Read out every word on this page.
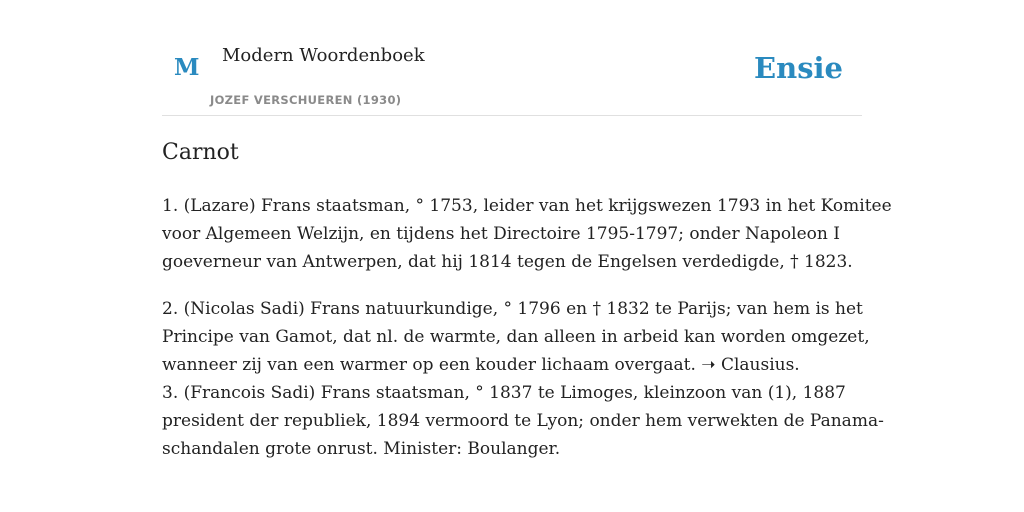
M Modern Woordenboek
JOZEF VERSCHUEREN (1930)
Ensie
Carnot

1. (Lazare) Frans staatsman, ° 1753, leider van het krijgswezen 1793 in het Komitee

voor Algemeen Welzijn, en tijdens het Directoire 1795-1797; onder Napoleon I

goeverneur van Antwerpen, dat hij 1814 tegen de Engelsen verdedigde, † 1823.

2. (Nicolas Sadi) Frans natuurkundige, ° 1796 en † 1832 te Parijs; van hem is het

Principe van Gamot, dat nl. de warmte, dan alleen in arbeid kan worden omgezet,

wanneer zij van een warmer op een kouder lichaam overgaat. ➝ Clausius.

3. (Francois Sadi) Frans staatsman, ° 1837 te Limoges, kleinzoon van (1), 1887

president der republiek, 1894 vermoord te Lyon; onder hem verwekten de Panama-

schandalen grote onrust. Minister: Boulanger.
